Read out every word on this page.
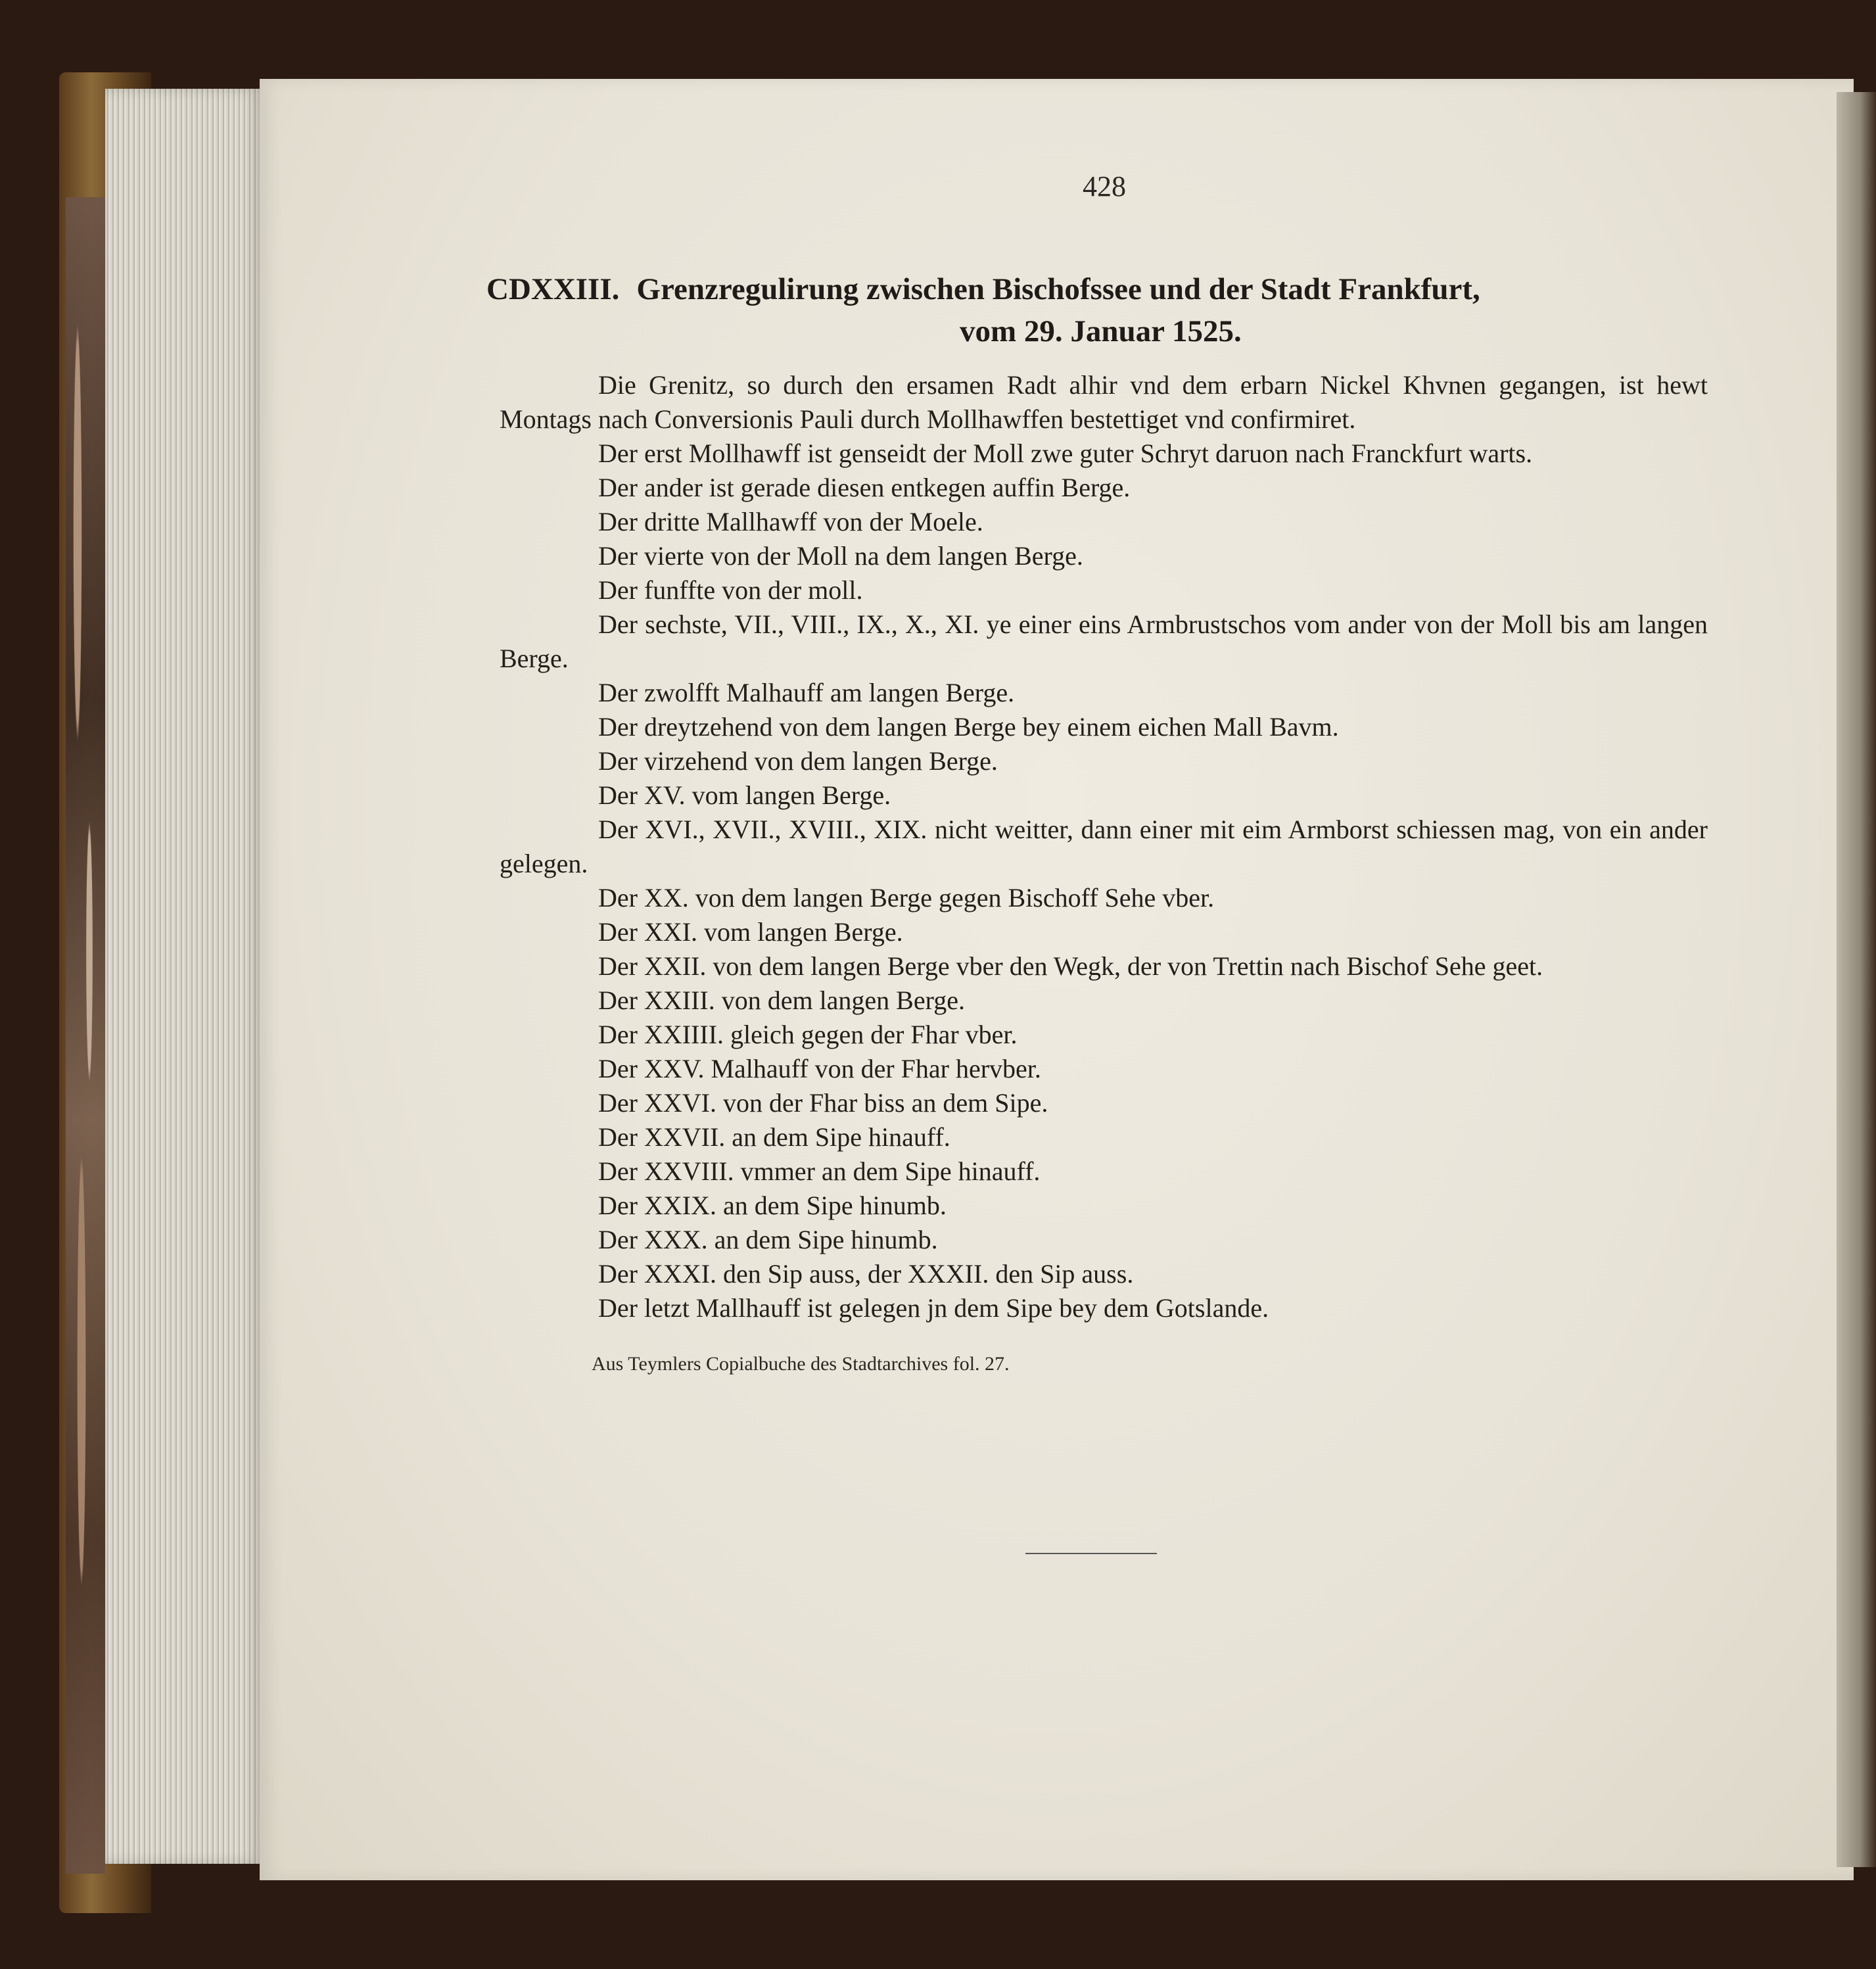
428
CDXXIII. Grenzregulirung zwischen Bischofssee und der Stadt Frankfurt,
vom 29. Januar 1525.

Die Grenitz, so durch den ersamen Radt alhir vnd dem erbarn Nickel Khvnen gegangen, ist hewt Montags nach Conversionis Pauli durch Mollhawffen bestettiget vnd confirmiret.

Der erst Mollhawff ist genseidt der Moll zwe guter Schryt daruon nach Franckfurt warts.

Der ander ist gerade diesen entkegen auffin Berge.

Der dritte Mallhawff von der Moele.

Der vierte von der Moll na dem langen Berge.

Der funffte von der moll.

Der sechste, VII., VIII., IX., X., XI. ye einer eins Armbrustschos vom ander von der Moll bis am langen Berge.

Der zwolfft Malhauff am langen Berge.

Der dreytzehend von dem langen Berge bey einem eichen Mall Bavm.

Der virzehend von dem langen Berge.

Der XV. vom langen Berge.

Der XVI., XVII., XVIII., XIX. nicht weitter, dann einer mit eim Armborst schiessen mag, von ein ander gelegen.

Der XX. von dem langen Berge gegen Bischoff Sehe vber.

Der XXI. vom langen Berge.

Der XXII. von dem langen Berge vber den Wegk, der von Trettin nach Bischof Sehe geet.

Der XXIII. von dem langen Berge.

Der XXIIII. gleich gegen der Fhar vber.

Der XXV. Malhauff von der Fhar hervber.

Der XXVI. von der Fhar biss an dem Sipe.

Der XXVII. an dem Sipe hinauff.

Der XXVIII. vmmer an dem Sipe hinauff.

Der XXIX. an dem Sipe hinumb.

Der XXX. an dem Sipe hinumb.

Der XXXI. den Sip auss, der XXXII. den Sip auss.

Der letzt Mallhauff ist gelegen jn dem Sipe bey dem Gotslande.

Aus Teymlers Copialbuche des Stadtarchives fol. 27.
